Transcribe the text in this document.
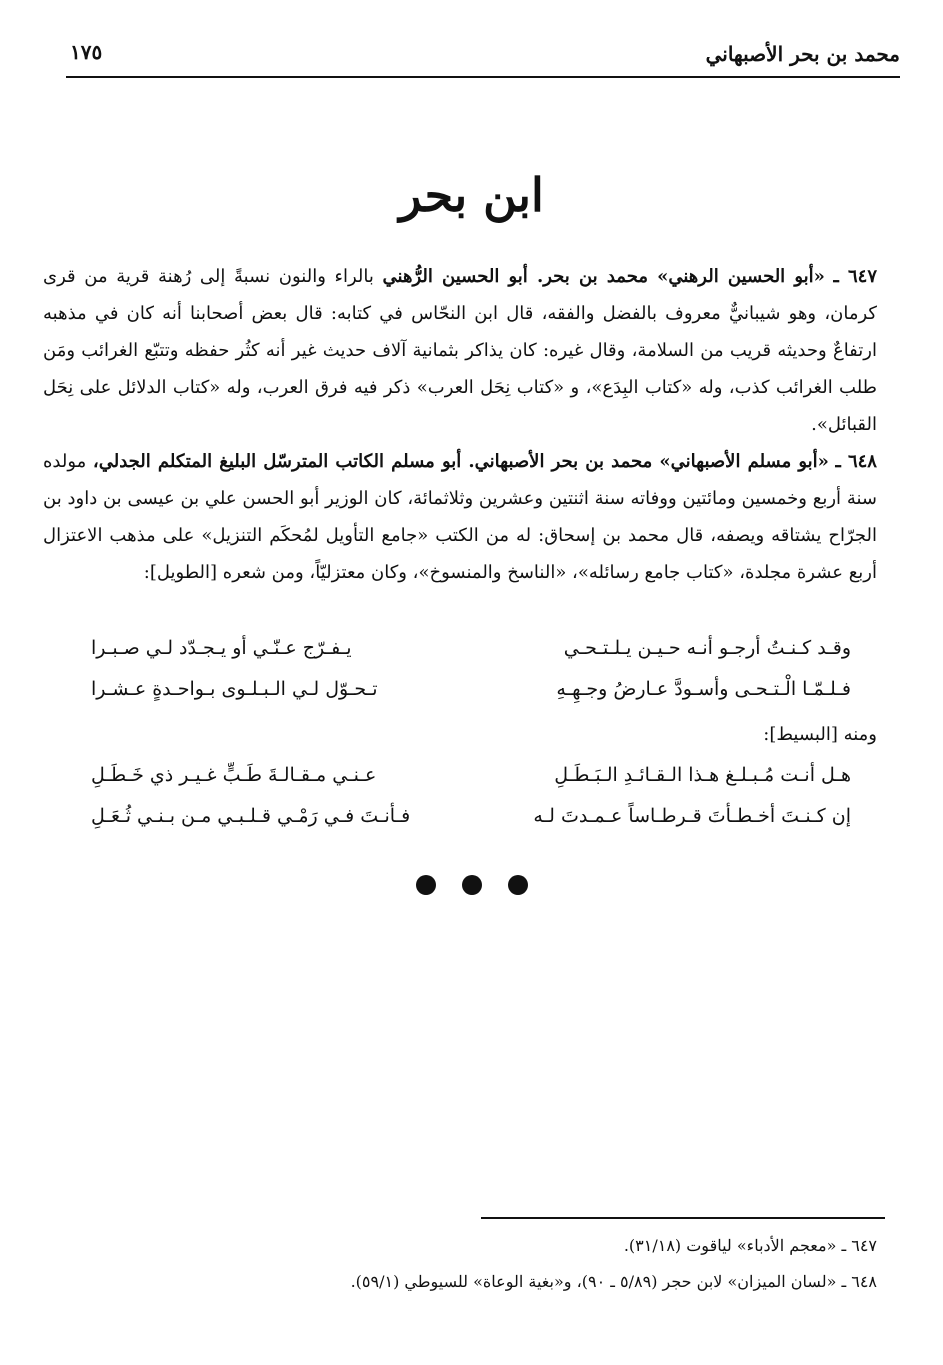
محمد بن بحر الأصبهاني
١٧٥
ابن بحر

٦٤٧ ـ «أبو الحسين الرهني» محمد بن بحر. أبو الحسين الرُّهني بالراء والنون نسبةً إلى رُهنة قرية من قرى كرمان، وهو شيبانيٌّ معروف بالفضل والفقه، قال ابن النحّاس في كتابه: قال بعض أصحابنا أنه كان في مذهبه ارتفاعٌ وحديثه قريب من السلامة، وقال غيره: كان يذاكر بثمانية آلاف حديث غير أنه كثُر حفظه وتتبّع الغرائب ومَن طلب الغرائب كذب، وله «كتاب البِدَع»، و «كتاب نِحَل العرب» ذكر فيه فرق العرب، وله «كتاب الدلائل على نِحَل القبائل».

٦٤٨ ـ «أبو مسلم الأصبهاني» محمد بن بحر الأصبهاني. أبو مسلم الكاتب المترسّل البليغ المتكلم الجدلي، مولده سنة أربع وخمسين ومائتين ووفاته سنة اثنتين وعشرين وثلاثمائة، كان الوزير أبو الحسن علي بن عيسى بن داود بن الجرّاح يشتاقه ويصفه، قال محمد بن إسحاق: له من الكتب «جامع التأويل لمُحكَم التنزيل» على مذهب الاعتزال أربع عشرة مجلدة، «كتاب جامع رسائله»، «الناسخ والمنسوخ»، وكان معتزليّاً، ومن شعره [الطويل]:

وقـد كـنـتُ أرجـو أنـه حـيـن يـلـتـحـي
يـفـرّج عـنّـي أو يـجـدّد لـي صـبـرا
فـلـمّـا الْـتـحـى وأسـودَّ عـارضُ وجـهِـهِ
تـحـوّل لـي الـبـلـوى بـواحـدةٍ عـشـرا
ومنه [البسيط]:
هـل أنـت مُـبـلـغ هـذا الـقـائـدِ الـبَـطَـلِ
عـنـي مـقـالـةَ طَـبٍّ غـيـر ذي خَـطَـلِ
إن كـنـتَ أخـطـأتَ قـرطـاساً عـمـدتَ لـه
فـأنـتَ فـي رَمْـي قـلـبـي مـن بـنـي ثُـعَـلِ

٦٤٧ ـ «معجم الأدباء» لياقوت (٣١/١٨).

٦٤٨ ـ «لسان الميزان» لابن حجر (٥/٨٩ ـ ٩٠)، و«بغية الوعاة» للسيوطي (٥٩/١).
